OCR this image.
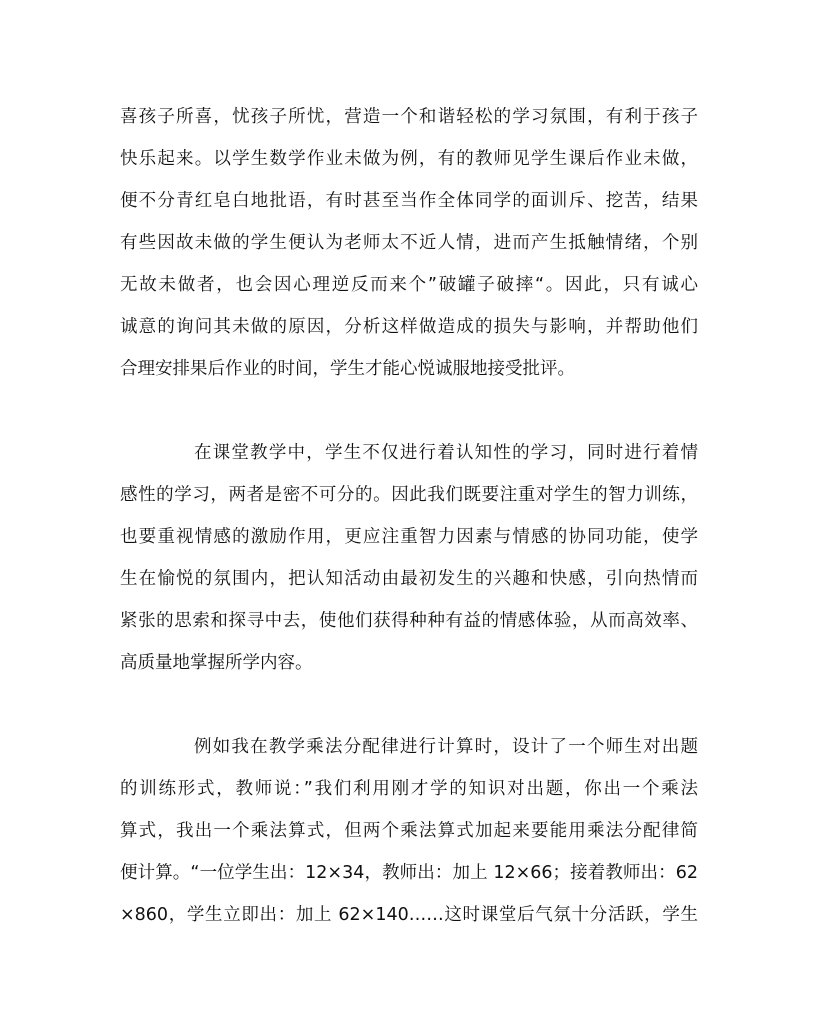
喜孩子所喜，忧孩子所忧，营造一个和谐轻松的学习氛围，有利于孩子
快乐起来。以学生数学作业未做为例，有的教师见学生课后作业未做，
便不分青红皂白地批语，有时甚至当作全体同学的面训斥、挖苦，结果
有些因故未做的学生便认为老师太不近人情，进而产生抵触情绪，个别
无故未做者，也会因心理逆反而来个”破罐子破摔“。因此，只有诚心
诚意的询问其未做的原因，分析这样做造成的损失与影响，并帮助他们
合理安排果后作业的时间，学生才能心悦诚服地接受批评。
在课堂教学中，学生不仅进行着认知性的学习，同时进行着情
感性的学习，两者是密不可分的。因此我们既要注重对学生的智力训练，
也要重视情感的激励作用，更应注重智力因素与情感的协同功能，使学
生在愉悦的氛围内，把认知活动由最初发生的兴趣和快感，引向热情而
紧张的思索和探寻中去，使他们获得种种有益的情感体验，从而高效率、
高质量地掌握所学内容。
例如我在教学乘法分配律进行计算时，设计了一个师生对出题
的训练形式，教师说：”我们利用刚才学的知识对出题，你出一个乘法
算式，我出一个乘法算式，但两个乘法算式加起来要能用乘法分配律简
便计算。“一位学生出：12×34，教师出：加上 12×66；接着教师出：62
×860，学生立即出：加上 62×140……这时课堂后气氛十分活跃，学生
